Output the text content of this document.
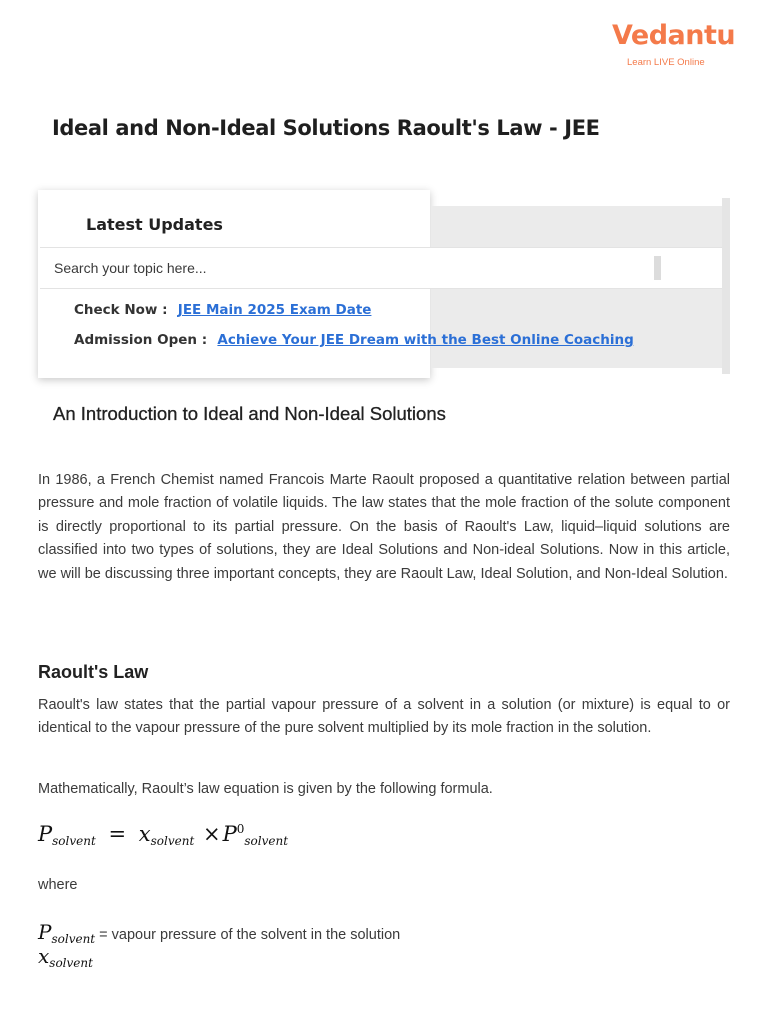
Vedantu
Learn LIVE Online
Ideal and Non-Ideal Solutions Raoult's Law - JEE
Latest Updates
Search your topic here...
Check Now : JEE Main 2025 Exam Date
Admission Open : Achieve Your JEE Dream with the Best Online Coaching
An Introduction to Ideal and Non-Ideal Solutions

In 1986, a French Chemist named Francois Marte Raoult proposed a quantitative relation between partial pressure and mole fraction of volatile liquids. The law states that the mole fraction of the solute component is directly proportional to its partial pressure. On the basis of Raoult's Law, liquid–liquid solutions are classified into two types of solutions, they are Ideal Solutions and Non-ideal Solutions. Now in this article, we will be discussing three important concepts, they are Raoult Law, Ideal Solution, and Non-Ideal Solution.

Raoult's Law

Raoult's law states that the partial vapour pressure of a solvent in a solution (or mixture) is equal to or identical to the vapour pressure of the pure solvent multiplied by its mole fraction in the solution.

Mathematically, Raoult’s law equation is given by the following formula.

Psolvent = xsolvent $\times P^0solvent$

where

$P_{solvent}$ = vapour pressure of the solvent in the solution
$x_{solvent}$
